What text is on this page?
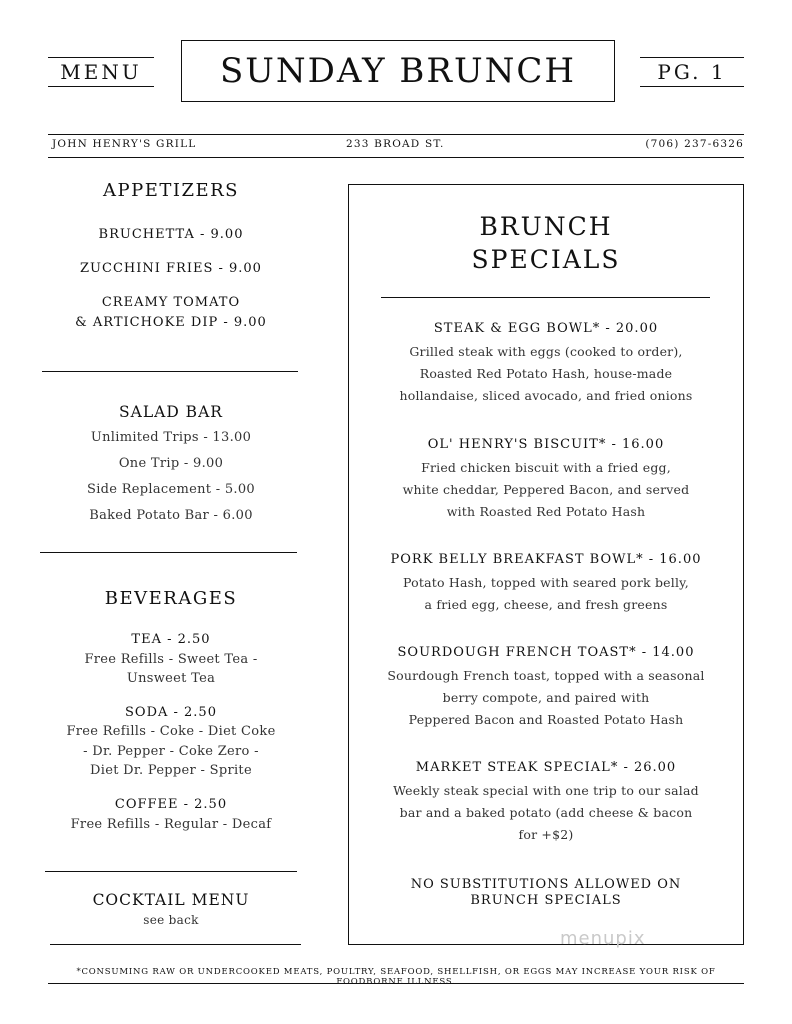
MENU	SUNDAY BRUNCH	PG. 1
JOHN HENRY'S GRILL	233 BROAD ST.	(706) 237-6326
APPETIZERS
BRUCHETTA - 9.00
ZUCCHINI FRIES - 9.00
CREAMY TOMATO
& ARTICHOKE DIP - 9.00
SALAD BAR
Unlimited Trips - 13.00
One Trip - 9.00
Side Replacement - 5.00
Baked Potato Bar - 6.00
BEVERAGES
TEA - 2.50
Free Refills - Sweet Tea -
Unsweet Tea
SODA - 2.50
Free Refills - Coke - Diet Coke
- Dr. Pepper - Coke Zero -
Diet Dr. Pepper - Sprite
COFFEE - 2.50
Free Refills - Regular - Decaf
COCKTAIL MENU
see back
BRUNCH
SPECIALS
STEAK & EGG BOWL* - 20.00
Grilled steak with eggs (cooked to order),
Roasted Red Potato Hash, house-made
hollandaise, sliced avocado, and fried onions
OL' HENRY'S BISCUIT* - 16.00
Fried chicken biscuit with a fried egg,
white cheddar, Peppered Bacon, and served
with Roasted Red Potato Hash
PORK BELLY BREAKFAST BOWL* - 16.00
Potato Hash, topped with seared pork belly,
a fried egg, cheese, and fresh greens
SOURDOUGH FRENCH TOAST* - 14.00
Sourdough French toast, topped with a seasonal
berry compote, and paired with
Peppered Bacon and Roasted Potato Hash
MARKET STEAK SPECIAL* - 26.00
Weekly steak special with one trip to our salad
bar and a baked potato (add cheese & bacon
for +$2)
NO SUBSTITUTIONS ALLOWED ON
BRUNCH SPECIALS
menupix
*CONSUMING RAW OR UNDERCOOKED MEATS, POULTRY, SEAFOOD, SHELLFISH, OR EGGS MAY INCREASE YOUR RISK OF FOODBORNE ILLNESS.
